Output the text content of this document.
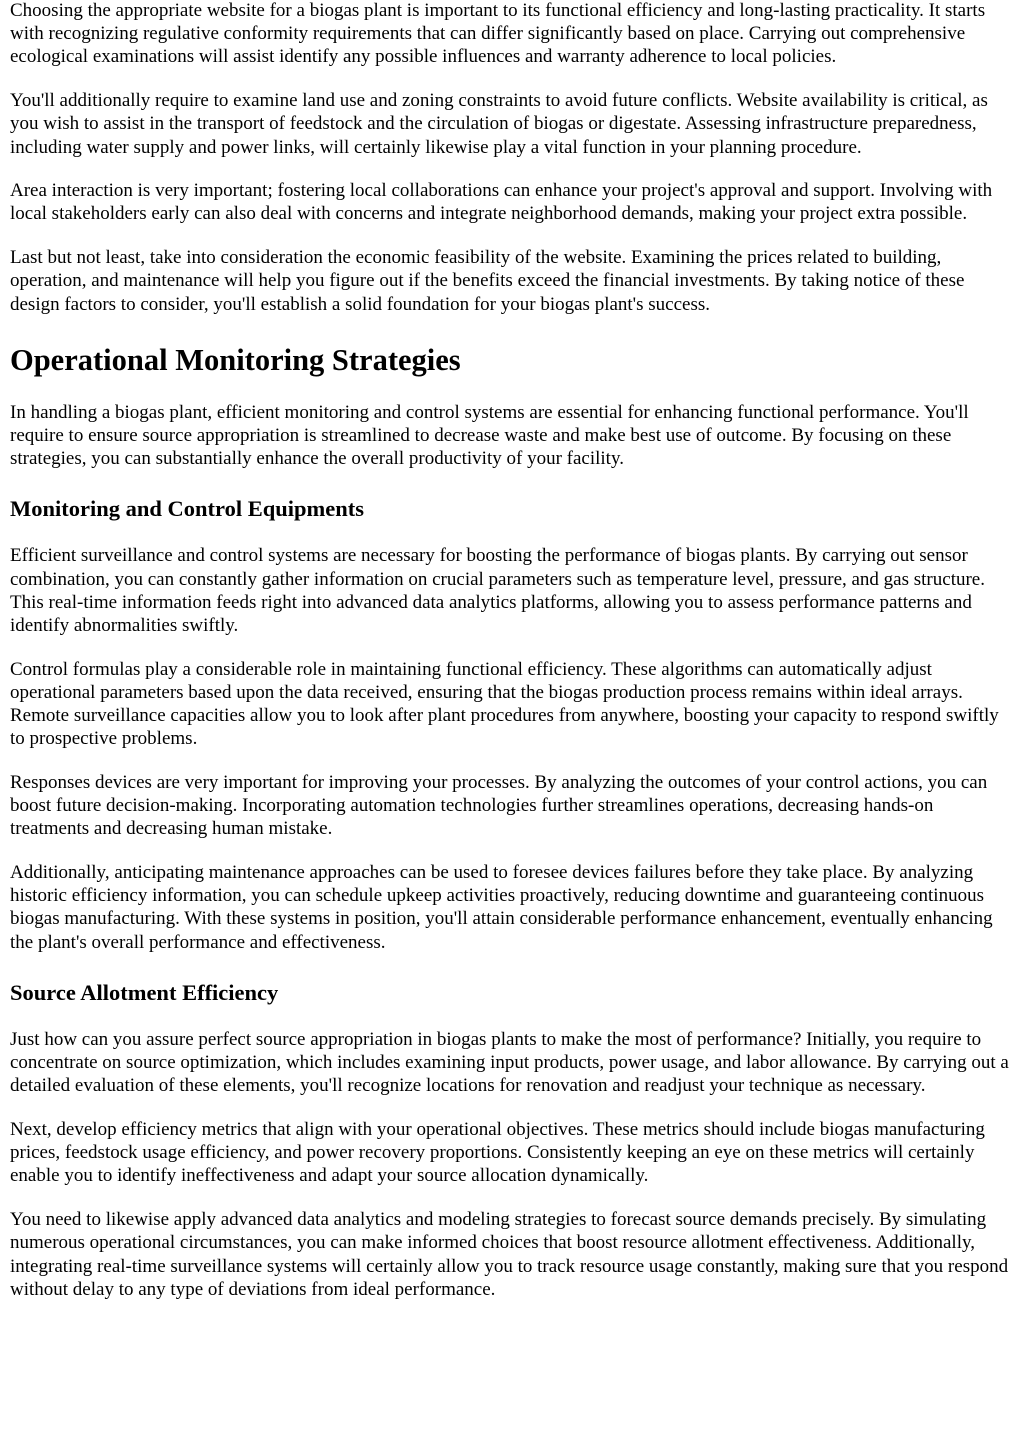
Choosing the appropriate website for a biogas plant is important to its functional efficiency and long-lasting practicality. It starts with recognizing regulative conformity requirements that can differ significantly based on place. Carrying out comprehensive ecological examinations will assist identify any possible influences and warranty adherence to local policies.

You'll additionally require to examine land use and zoning constraints to avoid future conflicts. Website availability is critical, as you wish to assist in the transport of feedstock and the circulation of biogas or digestate. Assessing infrastructure preparedness, including water supply and power links, will certainly likewise play a vital function in your planning procedure.

Area interaction is very important; fostering local collaborations can enhance your project's approval and support. Involving with local stakeholders early can also deal with concerns and integrate neighborhood demands, making your project extra possible.

Last but not least, take into consideration the economic feasibility of the website. Examining the prices related to building, operation, and maintenance will help you figure out if the benefits exceed the financial investments. By taking notice of these design factors to consider, you'll establish a solid foundation for your biogas plant's success.

Operational Monitoring Strategies

In handling a biogas plant, efficient monitoring and control systems are essential for enhancing functional performance. You'll require to ensure source appropriation is streamlined to decrease waste and make best use of outcome. By focusing on these strategies, you can substantially enhance the overall productivity of your facility.

Monitoring and Control Equipments

Efficient surveillance and control systems are necessary for boosting the performance of biogas plants. By carrying out sensor combination, you can constantly gather information on crucial parameters such as temperature level, pressure, and gas structure. This real-time information feeds right into advanced data analytics platforms, allowing you to assess performance patterns and identify abnormalities swiftly.

Control formulas play a considerable role in maintaining functional efficiency. These algorithms can automatically adjust operational parameters based upon the data received, ensuring that the biogas production process remains within ideal arrays. Remote surveillance capacities allow you to look after plant procedures from anywhere, boosting your capacity to respond swiftly to prospective problems.

Responses devices are very important for improving your processes. By analyzing the outcomes of your control actions, you can boost future decision-making. Incorporating automation technologies further streamlines operations, decreasing hands-on treatments and decreasing human mistake.

Additionally, anticipating maintenance approaches can be used to foresee devices failures before they take place. By analyzing historic efficiency information, you can schedule upkeep activities proactively, reducing downtime and guaranteeing continuous biogas manufacturing. With these systems in position, you'll attain considerable performance enhancement, eventually enhancing the plant's overall performance and effectiveness.

Source Allotment Efficiency

Just how can you assure perfect source appropriation in biogas plants to make the most of performance? Initially, you require to concentrate on source optimization, which includes examining input products, power usage, and labor allowance. By carrying out a detailed evaluation of these elements, you'll recognize locations for renovation and readjust your technique as necessary.

Next, develop efficiency metrics that align with your operational objectives. These metrics should include biogas manufacturing prices, feedstock usage efficiency, and power recovery proportions. Consistently keeping an eye on these metrics will certainly enable you to identify ineffectiveness and adapt your source allocation dynamically.

You need to likewise apply advanced data analytics and modeling strategies to forecast source demands precisely. By simulating numerous operational circumstances, you can make informed choices that boost resource allotment effectiveness. Additionally, integrating real-time surveillance systems will certainly allow you to track resource usage constantly, making sure that you respond without delay to any type of deviations from ideal performance.
